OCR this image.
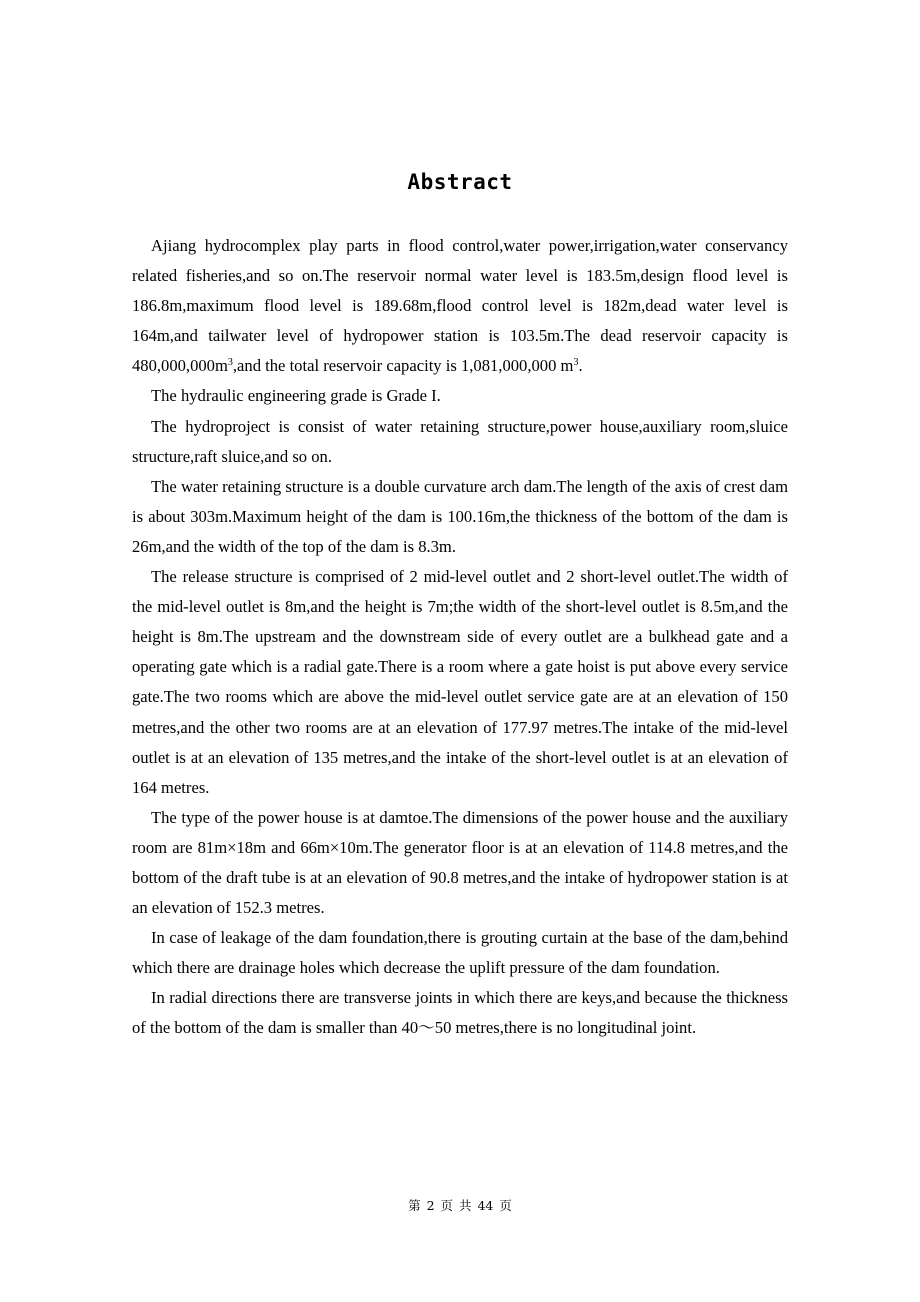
Abstract

Ajiang hydrocomplex play parts in flood control,water power,irrigation,water conservancy related fisheries,and so on.The reservoir normal water level is 183.5m,design flood level is 186.8m,maximum flood level is 189.68m,flood control level is 182m,dead water level is 164m,and tailwater level of hydropower station is 103.5m.The dead reservoir capacity is $480,000,000m^3,and$ the total reservoir capacity is 1,081,000,000 $m^3$.

The hydraulic engineering grade is Grade I.

The hydroproject is consist of water retaining structure,power house,auxiliary room,sluice structure,raft sluice,and so on.

The water retaining structure is a double curvature arch dam.The length of the axis of crest dam is about 303m.Maximum height of the dam is 100.16m,the thickness of the bottom of the dam is 26m,and the width of the top of the dam is 8.3m.

The release structure is comprised of 2 mid-level outlet and 2 short-level outlet.The width of the mid-level outlet is 8m,and the height is 7m;the width of the short-level outlet is 8.5m,and the height is 8m.The upstream and the downstream side of every outlet are a bulkhead gate and a operating gate which is a radial gate.There is a room where a gate hoist is put above every service gate.The two rooms which are above the mid-level outlet service gate are at an elevation of 150 metres,and the other two rooms are at an elevation of 177.97 metres.The intake of the mid-level outlet is at an elevation of 135 metres,and the intake of the short-level outlet is at an elevation of 164 metres.

The type of the power house is at damtoe.The dimensions of the power house and the auxiliary room are 81m×18m and 66m×10m.The generator floor is at an elevation of 114.8 metres,and the bottom of the draft tube is at an elevation of 90.8 metres,and the intake of hydropower station is at an elevation of 152.3 metres.

In case of leakage of the dam foundation,there is grouting curtain at the base of the dam,behind which there are drainage holes which decrease the uplift pressure of the dam foundation.

In radial directions there are transverse joints in which there are keys,and because the thickness of the bottom of the dam is smaller than 40～50 metres,there is no longitudinal joint.

第 2 页 共 44 页
